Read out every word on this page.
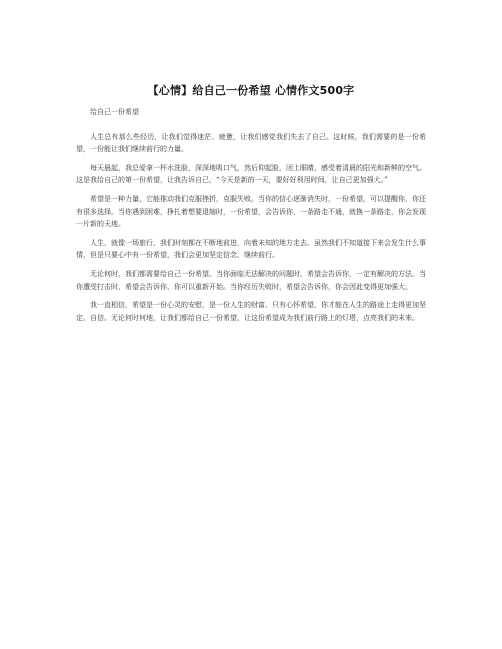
【心情】给自己一份希望 心情作文500字

给自己一份希望

人生总有那么些经历，让我们觉得迷茫、疲惫，让我们感觉我们失去了自己。这时候，我们需要的是一份希望，一份能让我们继续前行的力量。

每天晨起，我总爱拿一杯水洗脸，深深地吸口气，然后仰起脸，闭上眼睛，感受着清晨的阳光和新鲜的空气。这是我给自己的第一份希望，让我告诉自己，“今天是新的一天，要好好利用时间，让自己更加强大。”

希望是一种力量，它能推动我们克服挫折，克服失败。当你的信心逐渐消失时，一份希望，可以提醒你，你还有很多选择。当你遇到困难，挣扎着想要退缩时，一份希望，会告诉你，一条路走不通，就换一条路走，你会发现一片新的天地。

人生，就像一场旅行，我们时刻都在不断地前进，向着未知的地方走去。虽然我们不知道接下来会发生什么事情，但是只要心中有一份希望，我们会更加坚定信念，继续前行。

无论何时，我们都需要给自己一份希望。当你面临无法解决的问题时，希望会告诉你，一定有解决的方法。当你遭受打击时，希望会告诉你，你可以重新开始。当你经历失败时，希望会告诉你，你会因此变得更加强大。

我一直相信，希望是一份心灵的安慰，是一份人生的财富。只有心怀希望，你才能在人生的路途上走得更加坚定、自信。无论何时何地，让我们都给自己一份希望，让这份希望成为我们前行路上的灯塔，点亮我们的未来。
